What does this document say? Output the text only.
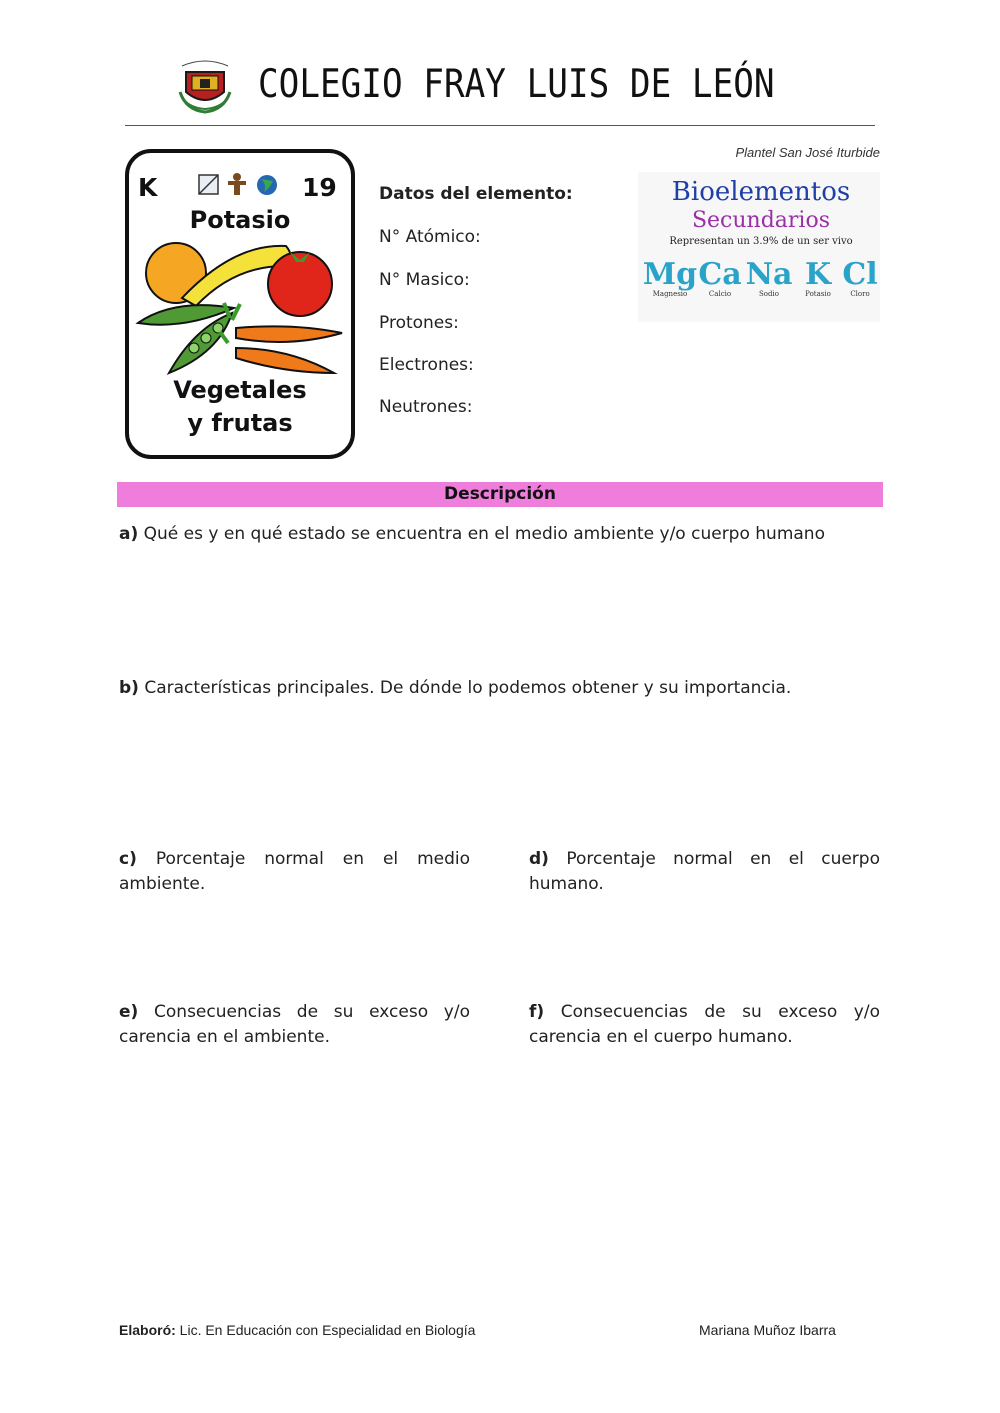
COLEGIO FRAY LUIS DE LEÓN
Plantel San José Iturbide
K	19
Potasio
Vegetales
y frutas
Datos del elemento:
N° Atómico:
N° Masico:
Protones:
Electrones:
Neutrones:
Bioelementos
Secundarios
Representan un 3.9% de un ser vivo
Mg Ca Na K Cl
Magnesio	Calcio	Sodio	Potasio	Cloro
Descripción
a) Qué es y en qué estado se encuentra en el medio ambiente y/o cuerpo humano
b) Características principales. De dónde lo podemos obtener y su importancia.
c) Porcentaje normal en el medio ambiente.
d) Porcentaje normal en el cuerpo humano.
e) Consecuencias de su exceso y/o carencia en el ambiente.
f) Consecuencias de su exceso y/o carencia en el cuerpo humano.
Elaboró: Lic. En Educación con Especialidad en Biología	Mariana Muñoz Ibarra
